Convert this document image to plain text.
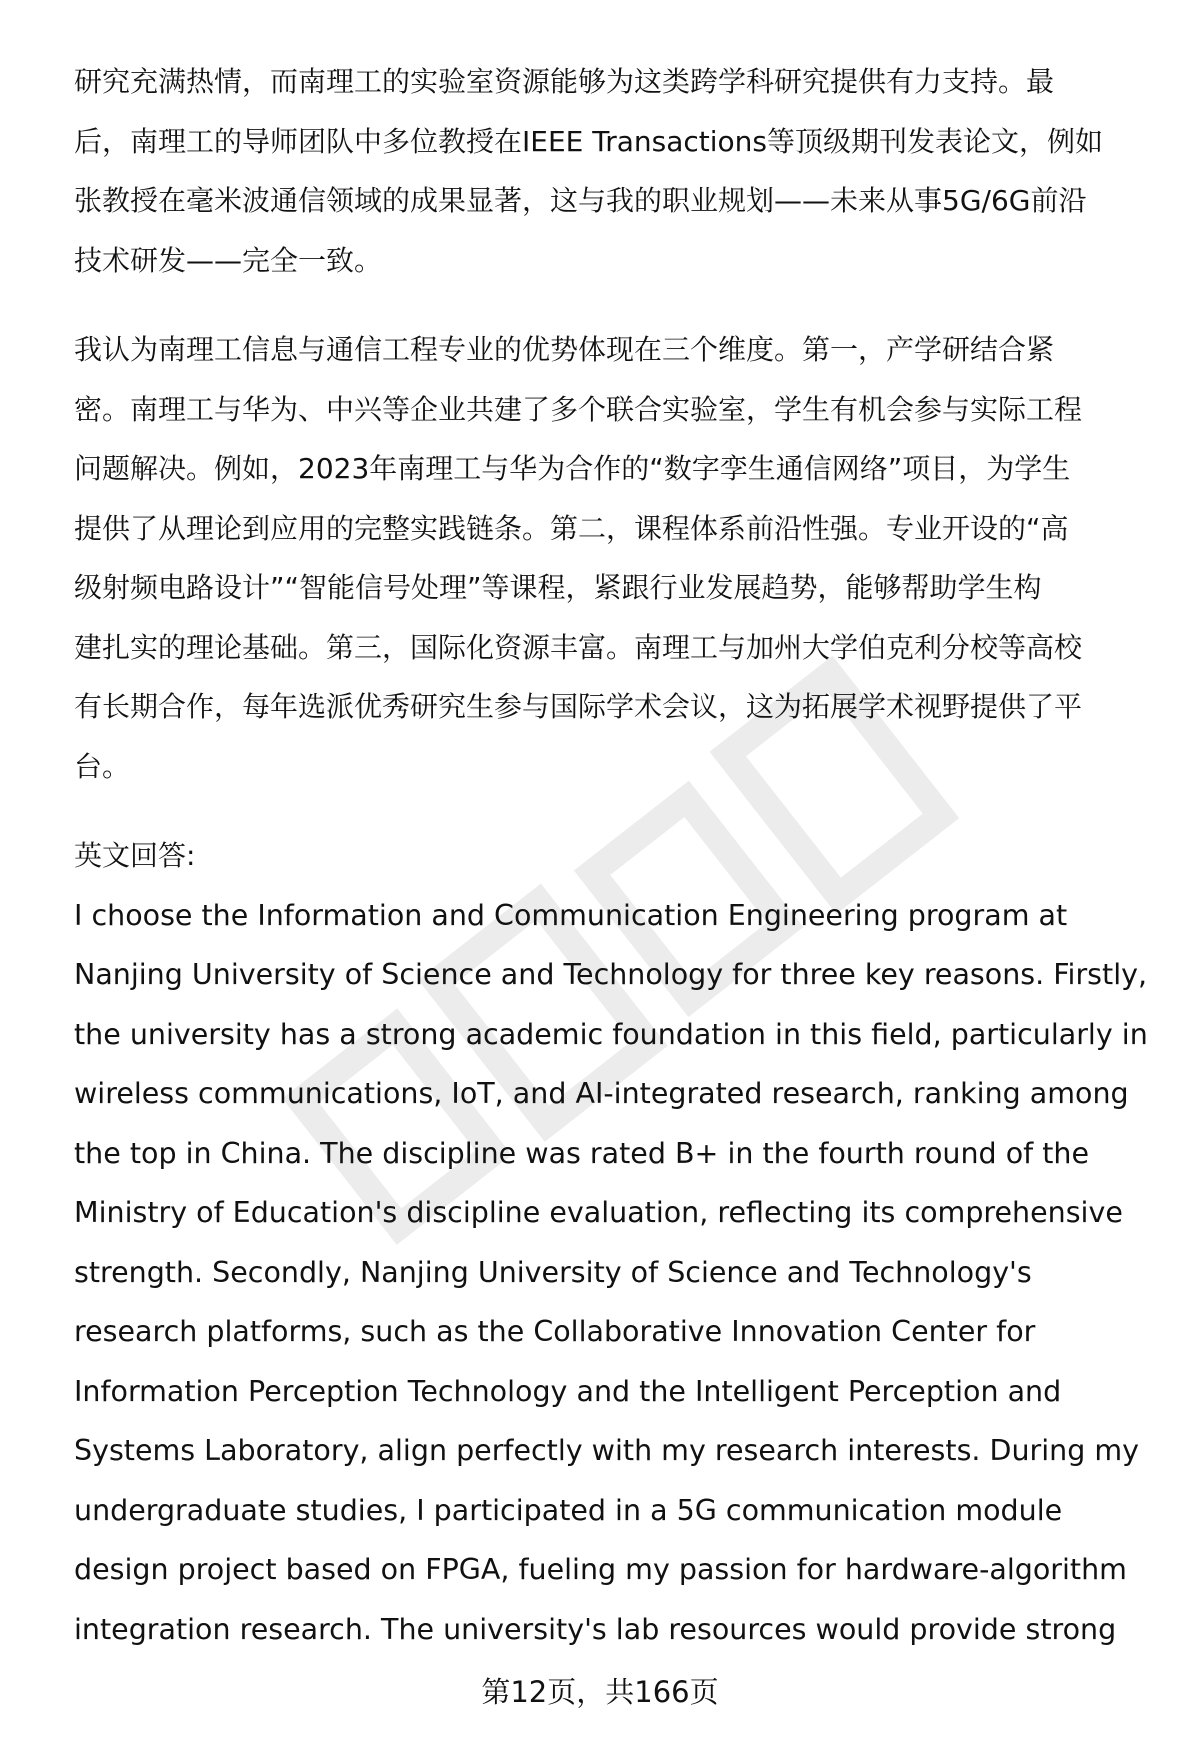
研究充满热情，而南理工的实验室资源能够为这类跨学科研究提供有力支持。最

后，南理工的导师团队中多位教授在IEEE Transactions等顶级期刊发表论文，例如

张教授在毫米波通信领域的成果显著，这与我的职业规划——未来从事5G/6G前沿

技术研发——完全一致。

我认为南理工信息与通信工程专业的优势体现在三个维度。第一，产学研结合紧

密。南理工与华为、中兴等企业共建了多个联合实验室，学生有机会参与实际工程

问题解决。例如，2023年南理工与华为合作的“数字孪生通信网络”项目，为学生

提供了从理论到应用的完整实践链条。第二，课程体系前沿性强。专业开设的“高

级射频电路设计”“智能信号处理”等课程，紧跟行业发展趋势，能够帮助学生构

建扎实的理论基础。第三，国际化资源丰富。南理工与加州大学伯克利分校等高校

有长期合作，每年选派优秀研究生参与国际学术会议，这为拓展学术视野提供了平

台。

英文回答:

I choose the Information and Communication Engineering program at

Nanjing University of Science and Technology for three key reasons. Firstly,

the university has a strong academic foundation in this field, particularly in

wireless communications, IoT, and AI-integrated research, ranking among

the top in China. The discipline was rated B+ in the fourth round of the

Ministry of Education's discipline evaluation, reflecting its comprehensive

strength. Secondly, Nanjing University of Science and Technology's

research platforms, such as the Collaborative Innovation Center for

Information Perception Technology and the Intelligent Perception and

Systems Laboratory, align perfectly with my research interests. During my

undergraduate studies, I participated in a 5G communication module

design project based on FPGA, fueling my passion for hardware-algorithm

integration research. The university's lab resources would provide strong

第12页，共166页
